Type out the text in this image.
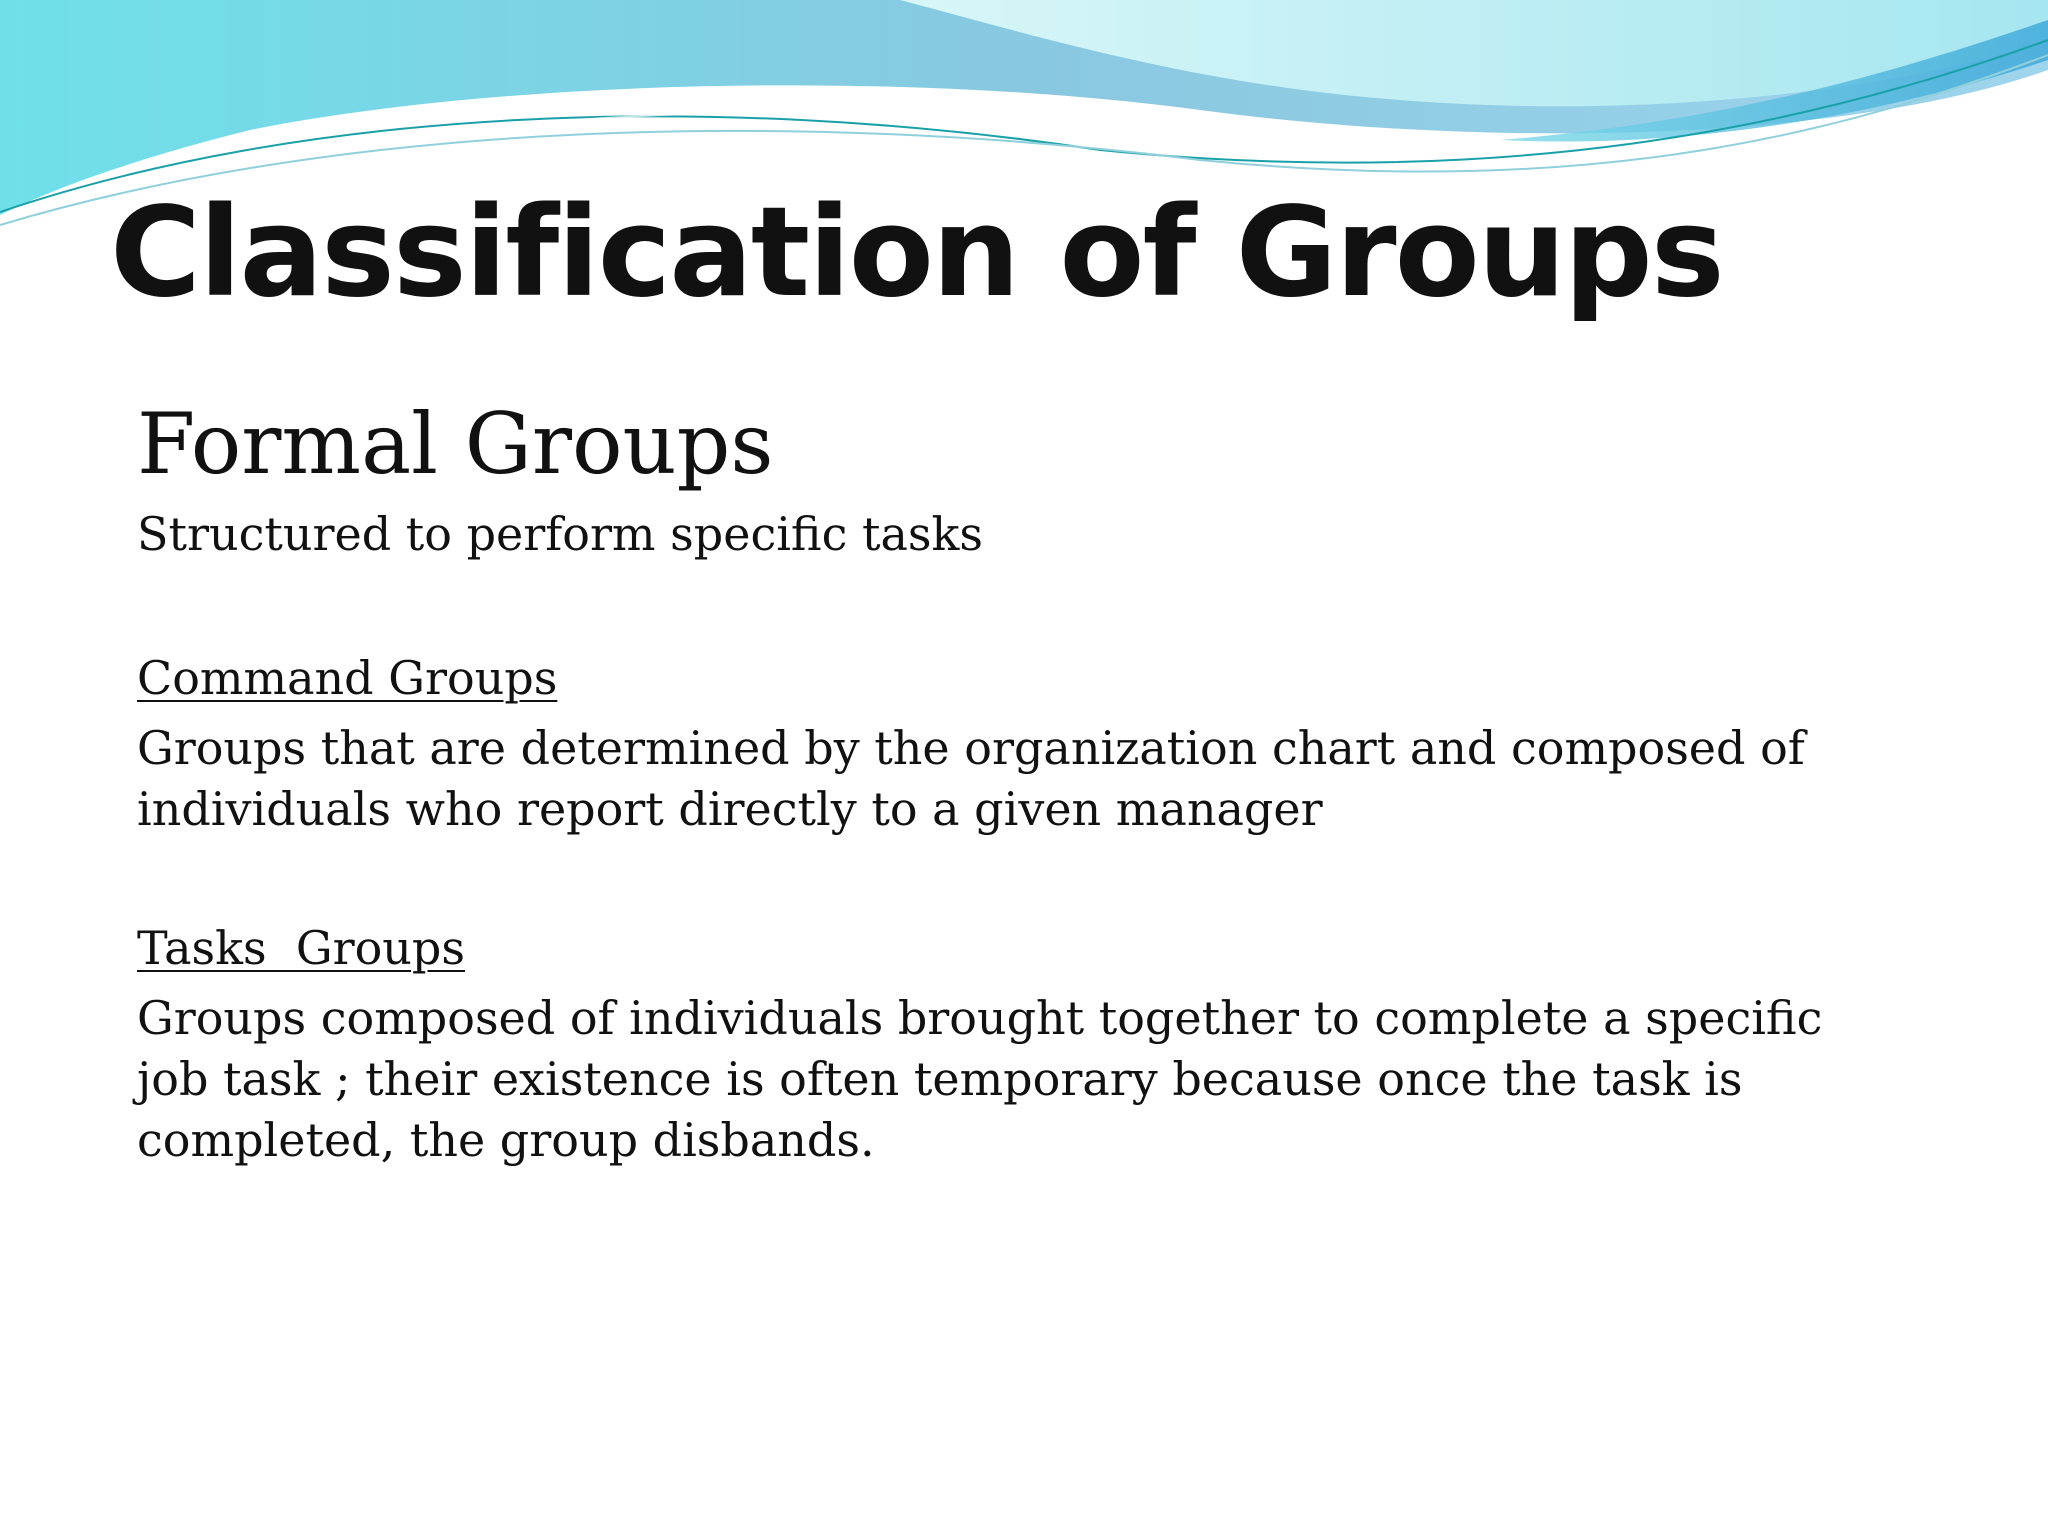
Classification of Groups
Formal Groups

Structured to perform specific tasks

Command Groups

Groups that are determined by the organization chart and composed of individuals who report directly to a given manager

Tasks  Groups

Groups composed of individuals brought together to complete a specific job task ; their existence is often temporary because once the task is completed, the group disbands.
